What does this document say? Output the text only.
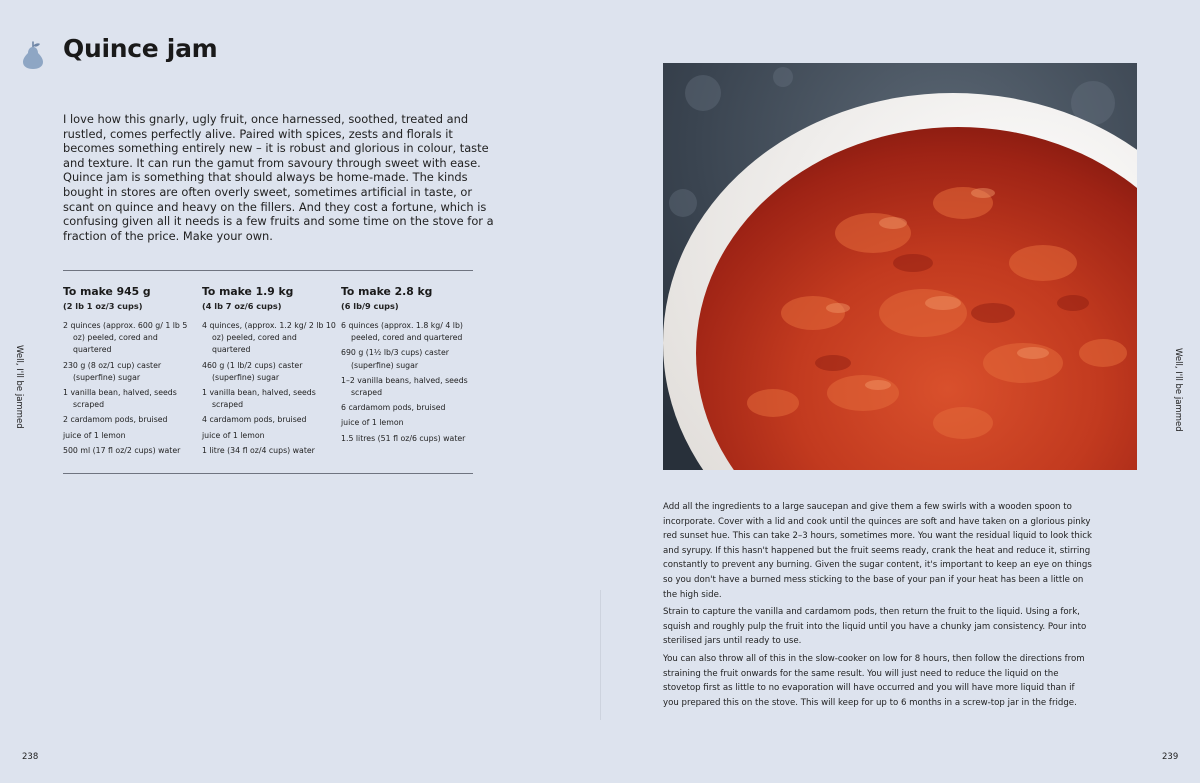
Quince jam

I love how this gnarly, ugly fruit, once harnessed, soothed, treated and rustled, comes perfectly alive. Paired with spices, zests and florals it becomes something entirely new – it is robust and glorious in colour, taste and texture. It can run the gamut from savoury through sweet with ease. Quince jam is something that should always be home-made. The kinds bought in stores are often overly sweet, sometimes artificial in taste, or scant on quince and heavy on the fillers. And they cost a fortune, which is confusing given all it needs is a few fruits and some time on the stove for a fraction of the price. Make your own.

To make 945 g

(2 lb 1 oz/3 cups)

2 quinces (approx. 600 g/ 1 lb 5 oz) peeled, cored and quartered
230 g (8 oz/1 cup) caster (superfine) sugar
1 vanilla bean, halved, seeds scraped
2 cardamom pods, bruised
juice of 1 lemon
500 ml (17 fl oz/2 cups) water

To make 1.9 kg

(4 lb 7 oz/6 cups)

4 quinces, (approx. 1.2 kg/ 2 lb 10 oz) peeled, cored and quartered
460 g (1 lb/2 cups) caster (superfine) sugar
1 vanilla bean, halved, seeds scraped
4 cardamom pods, bruised
juice of 1 lemon
1 litre (34 fl oz/4 cups) water

To make 2.8 kg

(6 lb/9 cups)

6 quinces (approx. 1.8 kg/ 4 lb) peeled, cored and quartered
690 g (1½ lb/3 cups) caster (superfine) sugar
1–2 vanilla beans, halved, seeds scraped
6 cardamom pods, bruised
juice of 1 lemon
1.5 litres (51 fl oz/6 cups) water
Well, I'll be jammed
238

Add all the ingredients to a large saucepan and give them a few swirls with a wooden spoon to incorporate. Cover with a lid and cook until the quinces are soft and have taken on a glorious pinky red sunset hue. This can take 2–3 hours, sometimes more. You want the residual liquid to look thick and syrupy. If this hasn't happened but the fruit seems ready, crank the heat and reduce it, stirring constantly to prevent any burning. Given the sugar content, it's important to keep an eye on things so you don't have a burned mess sticking to the base of your pan if your heat has been a little on the high side.

Strain to capture the vanilla and cardamom pods, then return the fruit to the liquid. Using a fork, squish and roughly pulp the fruit into the liquid until you have a chunky jam consistency. Pour into sterilised jars until ready to use.

You can also throw all of this in the slow-cooker on low for 8 hours, then follow the directions from straining the fruit onwards for the same result. You will just need to reduce the liquid on the stovetop first as little to no evaporation will have occurred and you will have more liquid than if you prepared this on the stove. This will keep for up to 6 months in a screw-top jar in the fridge.

Well, I'll be jammed
239
